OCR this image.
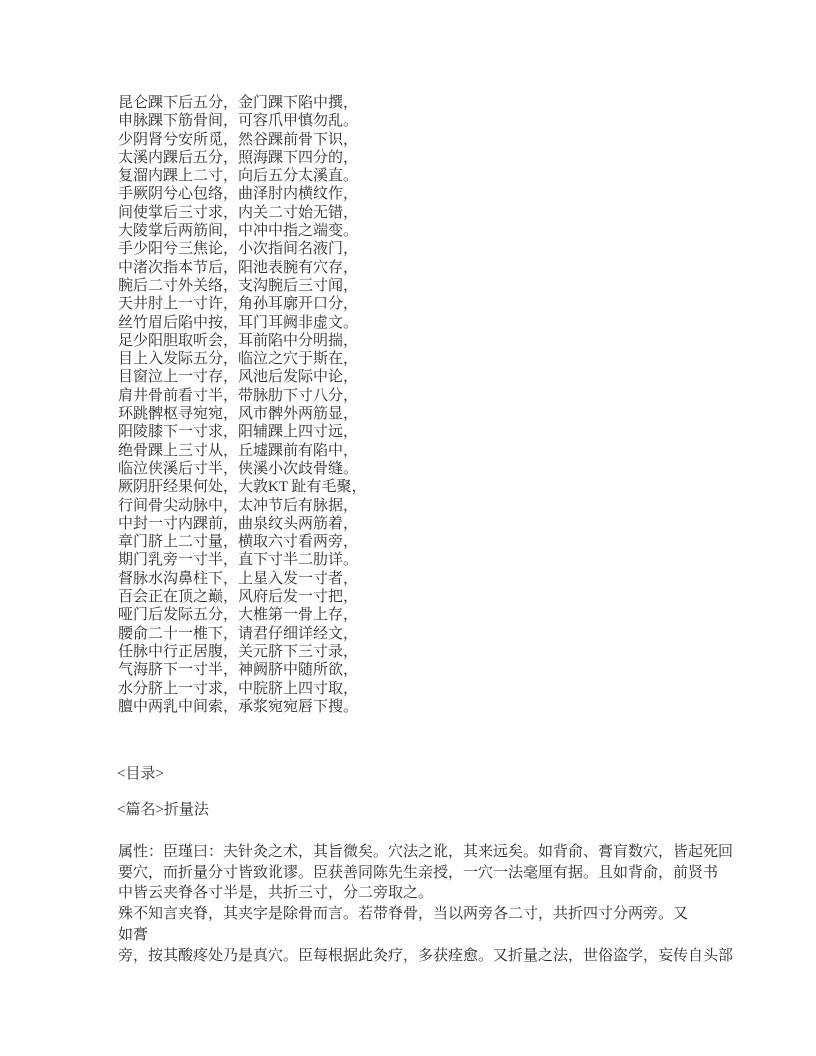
昆仑踝下后五分，金门踝下陷中撰，
申脉踝下筋骨间，可容爪甲慎勿乱。
少阴肾兮安所觅，然谷踝前骨下识，
太溪内踝后五分，照海踝下四分的，
复溜内踝上二寸，向后五分太溪直。
手厥阴兮心包络，曲泽肘内横纹作，
间使掌后三寸求，内关二寸始无错，
大陵掌后两筋间，中冲中指之端变。
手少阳兮三焦论，小次指间名液门，
中渚次指本节后，阳池表腕有穴存，
腕后二寸外关络，支沟腕后三寸闻，
天井肘上一寸许，角孙耳廓开口分，
丝竹眉后陷中按，耳门耳阙非虚文。
足少阳胆取听会，耳前陷中分明揣，
目上入发际五分，临泣之穴于斯在，
目窗泣上一寸存，风池后发际中论，
肩井骨前看寸半，带脉肋下寸八分，
环跳髀枢寻宛宛，风市髀外两筋显，
阳陵膝下一寸求，阳辅踝上四寸远，
绝骨踝上三寸从，丘墟踝前有陷中，
临泣侠溪后寸半，侠溪小次歧骨缝。
厥阴肝经果何处，大敦KT 趾有毛聚，
行间骨尖动脉中，太冲节后有脉据，
中封一寸内踝前，曲泉纹头两筋着，
章门脐上二寸量，横取六寸看两旁，
期门乳旁一寸半，直下寸半二肋详。
督脉水沟鼻柱下，上星入发一寸者，
百会正在顶之巅，风府后发一寸把，
哑门后发际五分，大椎第一骨上存，
腰俞二十一椎下，请君仔细详经文，
任脉中行正居腹，关元脐下三寸录，
气海脐下一寸半，神阙脐中随所欲，
水分脐上一寸求，中脘脐上四寸取，
膻中两乳中间索，承浆宛宛唇下搜。
<目录>
<篇名>折量法
属性：臣瑾曰：夫针灸之术，其旨微矣。穴法之讹，其来远矣。如背俞、膏肓数穴，皆起死回
要穴，而折量分寸皆致讹谬。臣获善同陈先生亲授，一穴一法毫厘有据。且如背俞，前贤书
中皆云夹脊各寸半是，共折三寸，分二旁取之。
殊不知言夹脊，其夹字是除骨而言。若带脊骨，当以两旁各二寸，共折四寸分两旁。又
如膏
旁，按其酸疼处乃是真穴。臣每根据此灸疗，多获痊愈。又折量之法，世俗盗学，妄传自头部
